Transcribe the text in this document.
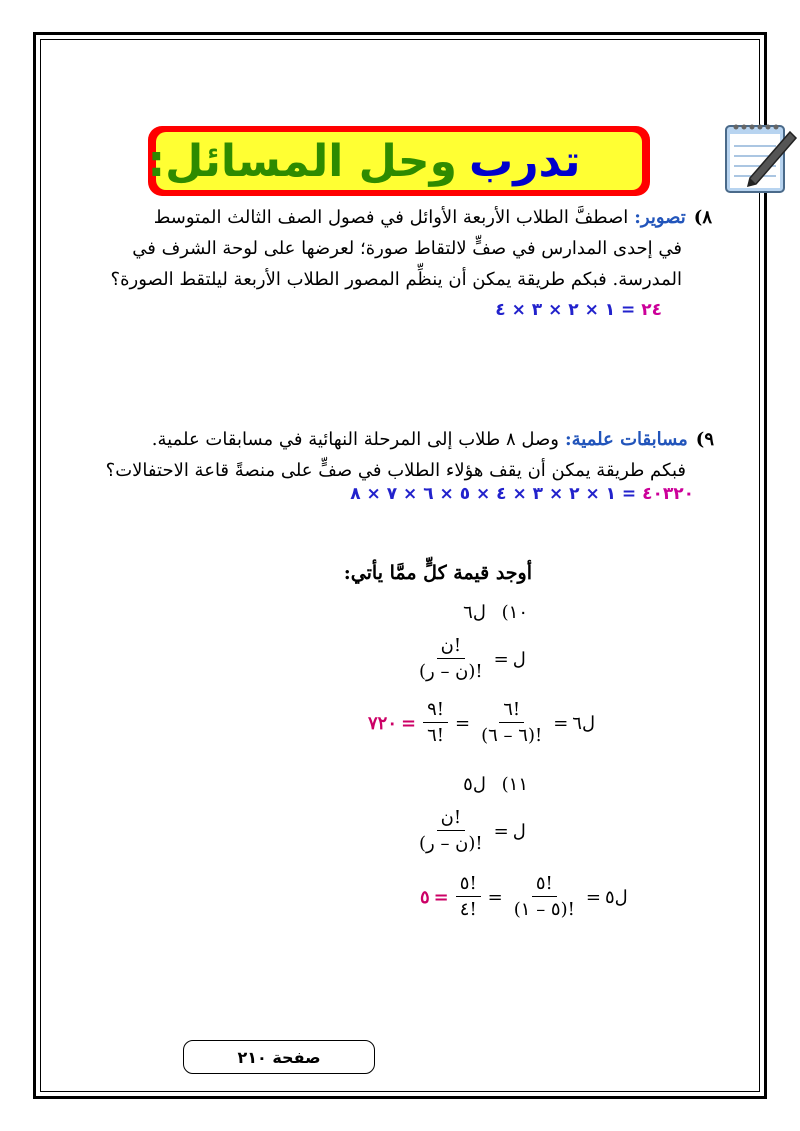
تدرب
وحل المسائل:
٨)تصوير:اصطفَّ الطلاب الأربعة الأوائل في فصول الصف الثالث المتوسط
في إحدى المدارس في صفٍّ لالتقاط صورة؛ لعرضها على لوحة الشرف في
المدرسة. فبكم طريقة يمكن أن ينظِّم المصور الطلاب الأربعة ليلتقط الصورة؟
٢٤ = ١ × ٢ × ٣ × ٤
٩)مسابقات علمية:وصل ٨ طلاب إلى المرحلة النهائية في مسابقات علمية.
فبكم طريقة يمكن أن يقف هؤلاء الطلاب في صفٍّ على منصةً قاعة الاحتفالات؟
٤٠٣٢٠ = ١ × ٢ × ٣ × ٤ × ٥ × ٦ × ٧ × ٨
أوجد قيمة كلٍّ ممَّا يأتي:
١٠) ل٦
$\frac{\text{ن!}}{\text{(ن – ر)!}}$ = ل
٧٢٠ = $\frac{٩!}{٦!} = \frac{٦!}{(٦ - ٦)!}$ = ل٦
١١) ل٥
$\frac{\text{ن!}}{\text{(ن – ر)!}}$ = ل
٥ = $\frac{٥!}{٤!} = \frac{٥!}{(٥ - ١)!}$ = ل٥
صفحة ٢١٠
